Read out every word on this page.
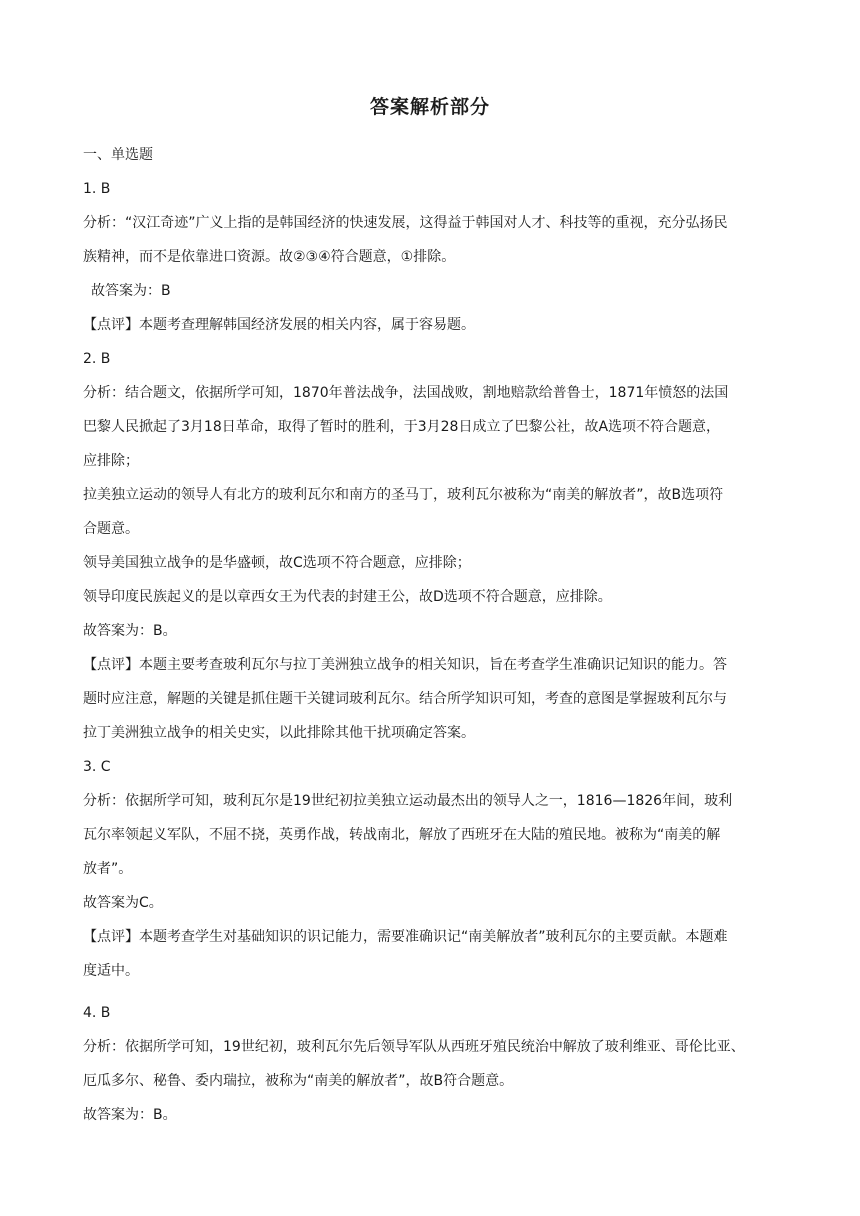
答案解析部分

一、单选题

1. B

分析：“汉江奇迹”广义上指的是韩国经济的快速发展，这得益于韩国对人才、科技等的重视，充分弘扬民

族精神，而不是依靠进口资源。故②③④符合题意，①排除。

故答案为：B

【点评】本题考查理解韩国经济发展的相关内容，属于容易题。

2. B

分析：结合题文，依据所学可知，1870年普法战争，法国战败，割地赔款给普鲁士，1871年愤怒的法国

巴黎人民掀起了3月18日革命，取得了暂时的胜利，于3月28日成立了巴黎公社，故A选项不符合题意，

应排除；

拉美独立运动的领导人有北方的玻利瓦尔和南方的圣马丁，玻利瓦尔被称为“南美的解放者”，故B选项符

合题意。

领导美国独立战争的是华盛顿，故C选项不符合题意，应排除；

领导印度民族起义的是以章西女王为代表的封建王公，故D选项不符合题意，应排除。

故答案为：B。

【点评】本题主要考查玻利瓦尔与拉丁美洲独立战争的相关知识，旨在考查学生准确识记知识的能力。答

题时应注意，解题的关键是抓住题干关键词玻利瓦尔。结合所学知识可知，考查的意图是掌握玻利瓦尔与

拉丁美洲独立战争的相关史实，以此排除其他干扰项确定答案。

3. C

分析：依据所学可知，玻利瓦尔是19世纪初拉美独立运动最杰出的领导人之一，1816—1826年间，玻利

瓦尔率领起义军队，不屈不挠，英勇作战，转战南北，解放了西班牙在大陆的殖民地。被称为“南美的解

放者”。

故答案为C。

【点评】本题考查学生对基础知识的识记能力，需要准确识记“南美解放者”玻利瓦尔的主要贡献。本题难

度适中。

4. B

分析：依据所学可知，19世纪初，玻利瓦尔先后领导军队从西班牙殖民统治中解放了玻利维亚、哥伦比亚、

厄瓜多尔、秘鲁、委内瑞拉，被称为“南美的解放者”，故B符合题意。

故答案为：B。
